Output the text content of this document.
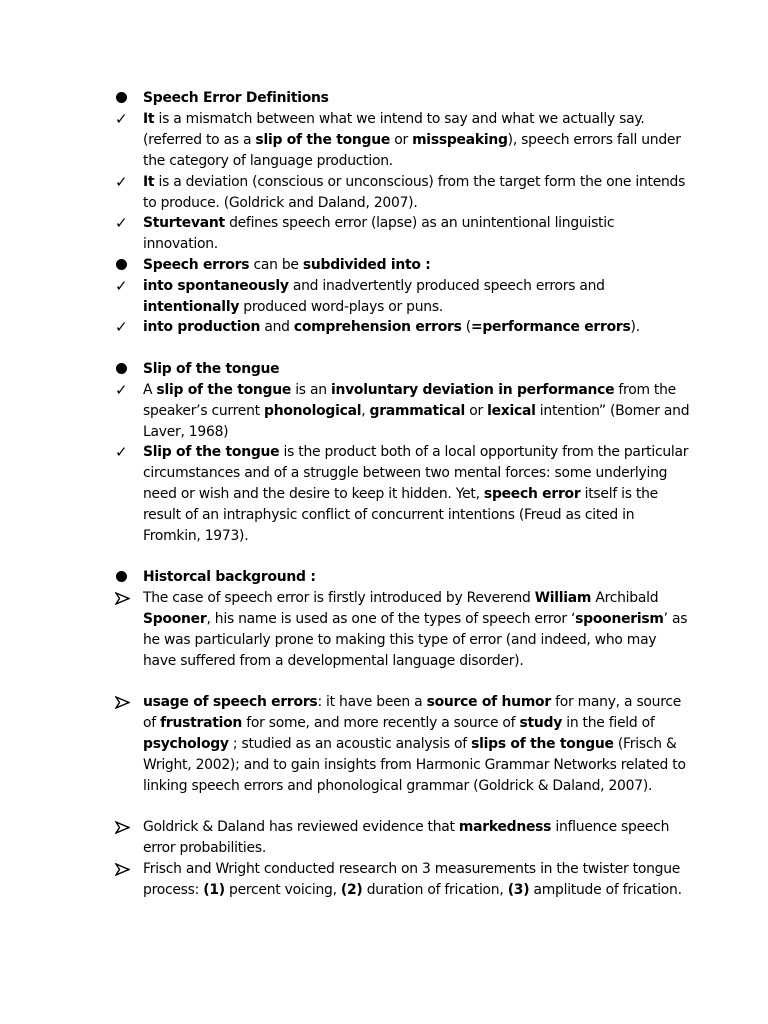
Speech Error Definitions
✓ It is a mismatch between what we intend to say and what we actually say. (referred to as a slip of the tongue or misspeaking), speech errors fall under the category of language production.
✓ It is a deviation (conscious or unconscious) from the target form the one intends to produce. (Goldrick and Daland, 2007).
✓ Sturtevant defines speech error (lapse) as an unintentional linguistic innovation.
Speech errors can be subdivided into :
✓ into spontaneously and inadvertently produced speech errors and intentionally produced word-plays or puns.
✓ into production and comprehension errors (=performance errors).
Slip of the tongue
✓ A slip of the tongue is an involuntary deviation in performance from the speaker’s current phonological, grammatical or lexical intention” (Bomer and Laver, 1968)
✓ Slip of the tongue is the product both of a local opportunity from the particular circumstances and of a struggle between two mental forces: some underlying need or wish and the desire to keep it hidden. Yet, speech error itself is the result of an intraphysic conflict of concurrent intentions (Freud as cited in Fromkin, 1973).
Historcal background :
The case of speech error is firstly introduced by Reverend William Archibald Spooner, his name is used as one of the types of speech error ‘spoonerism’ as he was particularly prone to making this type of error (and indeed, who may have suffered from a developmental language disorder).
usage of speech errors: it have been a source of humor for many, a source of frustration for some, and more recently a source of study in the field of psychology ; studied as an acoustic analysis of slips of the tongue (Frisch & Wright, 2002); and to gain insights from Harmonic Grammar Networks related to linking speech errors and phonological grammar (Goldrick & Daland, 2007).
Goldrick & Daland has reviewed evidence that markedness influence speech error probabilities.
Frisch and Wright conducted research on 3 measurements in the twister tongue process: (1) percent voicing, (2) duration of frication, (3) amplitude of frication.
